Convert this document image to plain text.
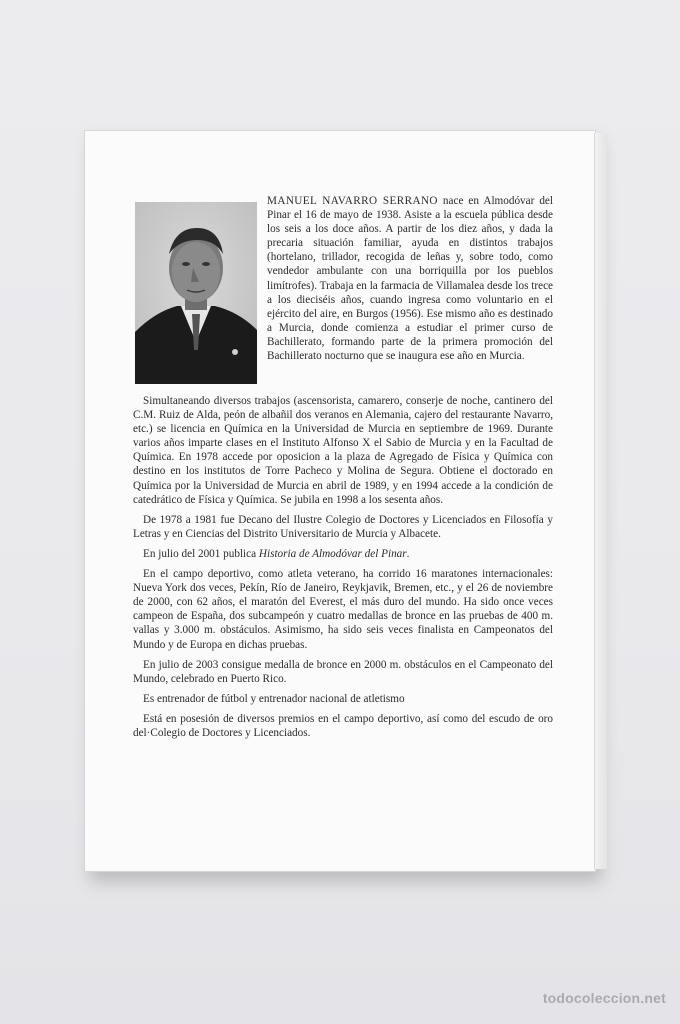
MANUEL NAVARRO SERRANO nace en Almodóvar del Pinar el 16 de mayo de 1938. Asiste a la escuela pública desde los seis a los doce años. A partir de los diez años, y dada la precaria situación familiar, ayuda en distintos trabajos (hortelano, trillador, recogida de leñas y, sobre todo, como vendedor ambulante con una borriquilla por los pueblos limítrofes). Trabaja en la farmacia de Villamalea desde los trece a los dieciséis años, cuando ingresa como voluntario en el ejército del aire, en Burgos (1956). Ese mismo año es destinado a Murcia, donde comienza a estudiar el primer curso de Bachillerato, formando parte de la primera promoción del Bachillerato nocturno que se inaugura ese año en Murcia.

Simultaneando diversos trabajos (ascensorista, camarero, conserje de noche, cantinero del C.M. Ruiz de Alda, peón de albañil dos veranos en Alemania, cajero del restaurante Navarro, etc.) se licencia en Química en la Universidad de Murcia en septiembre de 1969. Durante varios años imparte clases en el Instituto Alfonso X el Sabio de Murcia y en la Facultad de Química. En 1978 accede por oposicion a la plaza de Agregado de Física y Química con destino en los institutos de Torre Pacheco y Molina de Segura. Obtiene el doctorado en Química por la Universidad de Murcia en abril de 1989, y en 1994 accede a la condición de catedrático de Física y Química. Se jubila en 1998 a los sesenta años.

De 1978 a 1981 fue Decano del Ilustre Colegio de Doctores y Licenciados en Filosofía y Letras y en Ciencias del Distrito Universitario de Murcia y Albacete.

En julio del 2001 publica Historia de Almodóvar del Pinar.

En el campo deportivo, como atleta veterano, ha corrido 16 maratones internacionales: Nueva York dos veces, Pekín, Río de Janeiro, Reykjavik, Bremen, etc., y el 26 de noviembre de 2000, con 62 años, el maratón del Everest, el más duro del mundo. Ha sido once veces campeon de España, dos subcampeón y cuatro medallas de bronce en las pruebas de 400 m. vallas y 3.000 m. obstáculos. Asimismo, ha sido seis veces finalista en Campeonatos del Mundo y de Europa en dichas pruebas.

En julio de 2003 consigue medalla de bronce en 2000 m. obstáculos en el Campeonato del Mundo, celebrado en Puerto Rico.

Es entrenador de fútbol y entrenador nacional de atletismo

Está en posesión de diversos premios en el campo deportivo, así como del escudo de oro del·Colegio de Doctores y Licenciados.

todocoleccion.net
